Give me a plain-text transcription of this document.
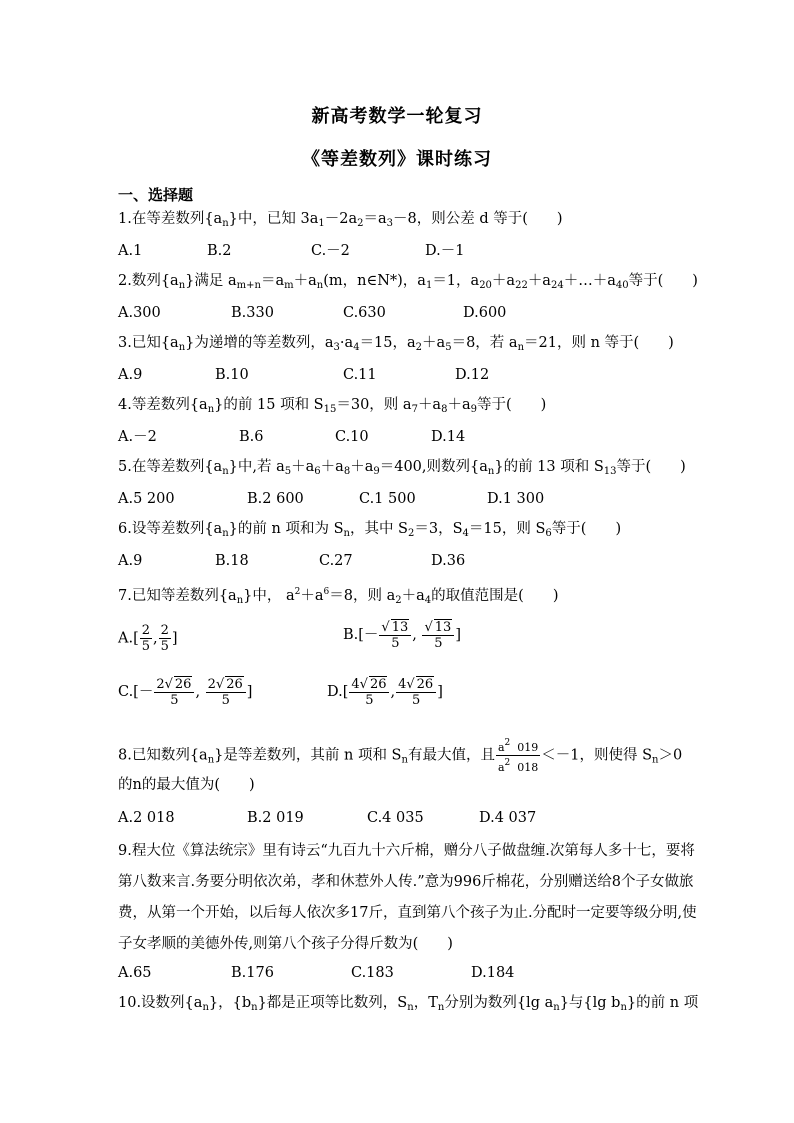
新高考数学一轮复习
《等差数列》课时练习
一、选择题
1.在等差数列$\{a_n\}$中，已知 $3a_1-2a_2=a_3-8$，则公差 d 等于(　　)
A.1	B.2	C.－2	D.－1
2.数列$\{a_n\}$满足 $a_{m+n}=a_m+a_n(m$，n∈N*)，$a_1=1$，$a_{20}+a_{22}+a_{24}+\dots+a_{40}$等于(　　)
A.300	B.330	C.630	D.600
3.已知$\{a_n\}$为递增的等差数列，$a_3\cdot a_4=15$，$a_2+a_5=8$，若 $a_n=21$，则 n 等于(　　)
A.9	B.10	C.11	D.12
4.等差数列$\{a_n\}$的前 15 项和 $S_{15}=30$，则 $a_7+a_8+a_9$等于(　　)
A.－2	B.6	C.10	D.14
5.在等差数列$\{a_n\}$中,若 $a_5+a_6+a_8+a_9=400$,则数列$\{a_n\}$的前 13 项和 $S_{13}$等于(　　)
A.5 200	B.2 600	C.1 500	D.1 300
6.设等差数列$\{a_n\}$的前 n 项和为 $S_n$，其中 $S_2=3$，$S_4=15$，则 $S_6$等于(　　)
A.9	B.18	C.27	D.36
7.已知等差数列$\{a_n\}$中， $a^2+a^6=8$，则 $a_2+a_4$的取值范围是(　　)
$A.[ \frac{2}{5}$ , $\frac{2}{5}$ ]	$B.[- \frac{√ 13}{5}$ , $\frac{√ 13}{5}$ ]
$C.[- \frac{2√ 26}{5}$ , $\frac{2√ 26}{5}$ ]	$D.[ \frac{4√ 26}{5}$ , $\frac{4√ 26}{5}$ ]
8.已知数列$\{a_n\}$是等差数列，其前 n 项和 $S_n$有最大值，且 $\frac{a^2 019}{a^2 018} <-1$，则使得 $S_n>0$
的n的最大值为(　　)
A.2 018	B.2 019	C.4 035	D.4 037
9.程大位《算法统宗》里有诗云“九百九十六斤棉，赠分八子做盘缠.次第每人多十七，要将第八数来言.务要分明依次弟，孝和休惹外人传.”意为996斤棉花，分别赠送给8个子女做旅费，从第一个开始，以后每人依次多17斤，直到第八个孩子为止.分配时一定要等级分明,使子女孝顺的美德外传,则第八个孩子分得斤数为(　　)
A.65	B.176	C.183	D.184
10.设数列$\{a_n\}$，$\{b_n\}$都是正项等比数列，$S_n$，$T_n$分别为数列{lg $a_n$}与{lg $b_n$}的前 n 项
